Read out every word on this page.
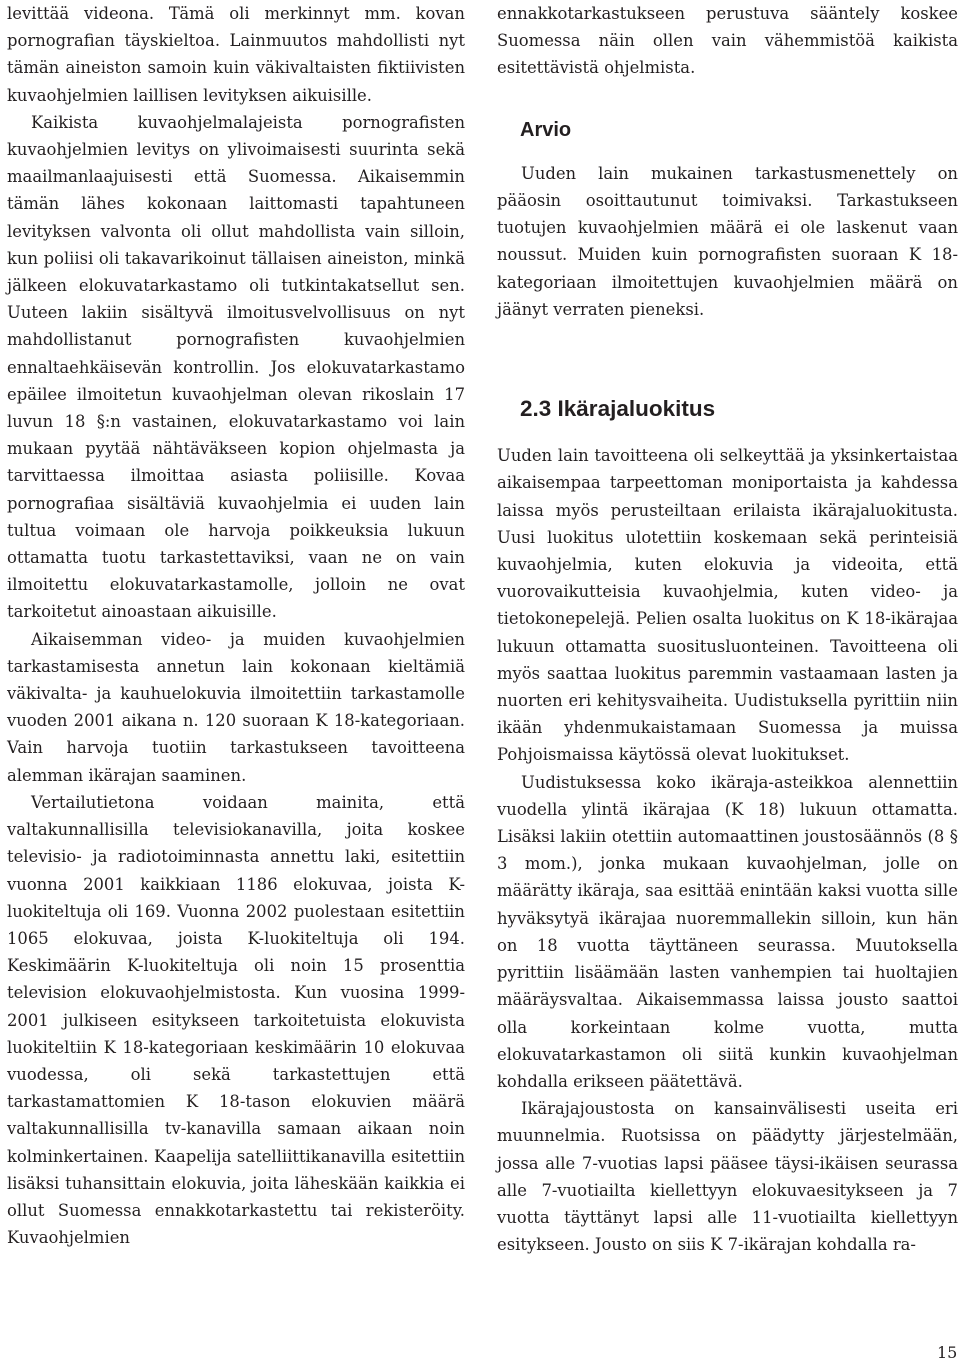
levittää videona. Tämä oli merkinnyt mm. kovan pornografian täyskieltoa. Lainmuutos mahdollisti nyt tämän aineiston samoin kuin väkivaltaisten fiktiivisten kuvaohjelmien laillisen levityksen aikuisille.

Kaikista kuvaohjelmalajeista pornografisten kuvaohjelmien levitys on ylivoimaisesti suurinta sekä maailmanlaajuisesti että Suomessa. Aikaisemmin tämän lähes kokonaan laittomasti tapahtuneen levityksen valvonta oli ollut mahdollista vain silloin, kun poliisi oli takavarikoinut tällaisen aineiston, minkä jälkeen elokuvatarkastamo oli tutkintakatsellut sen. Uuteen lakiin sisältyvä ilmoitusvelvollisuus on nyt mahdollistanut pornografisten kuvaohjelmien ennaltaehkäisevän kontrollin. Jos elokuvatarkastamo epäilee ilmoitetun kuvaohjelman olevan rikoslain 17 luvun 18 §:n vastainen, elokuvatarkastamo voi lain mukaan pyytää nähtäväkseen kopion ohjelmasta ja tarvittaessa ilmoittaa asiasta poliisille. Kovaa pornografiaa sisältäviä kuvaohjelmia ei uuden lain tultua voimaan ole harvoja poikkeuksia lukuun ottamatta tuotu tarkastettaviksi, vaan ne on vain ilmoitettu elokuvatarkastamolle, jolloin ne ovat tarkoitetut ainoastaan aikuisille.

Aikaisemman video- ja muiden kuvaohjelmien tarkastamisesta annetun lain kokonaan kieltämiä väkivalta- ja kauhuelokuvia ilmoitettiin tarkastamolle vuoden 2001 aikana n. 120 suoraan K 18-kategoriaan. Vain harvoja tuotiin tarkastukseen tavoitteena alemman ikärajan saaminen.

Vertailutietona voidaan mainita, että valtakunnallisilla televisiokanavilla, joita koskee televisio- ja radiotoiminnasta annettu laki, esitettiin vuonna 2001 kaikkiaan 1186 elokuvaa, joista K-luokiteltuja oli 169. Vuonna 2002 puolestaan esitettiin 1065 elokuvaa, joista K-luokiteltuja oli 194. Keskimäärin K-luokiteltuja oli noin 15 prosenttia television elokuvaohjelmistosta. Kun vuosina 1999-2001 julkiseen esitykseen tarkoitetuista elokuvista luokiteltiin K 18-kategoriaan keskimäärin 10 elokuvaa vuodessa, oli sekä tarkastettujen että tarkastamattomien K 18-tason elokuvien määrä valtakunnallisilla tv-kanavilla samaan aikaan noin kolminkertainen. Kaapelija satelliittikanavilla esitettiin lisäksi tuhansittain elokuvia, joita läheskään kaikkia ei ollut Suomessa ennakkotarkastettu tai rekisteröity. Kuvaohjelmien

ennakkotarkastukseen perustuva sääntely koskee Suomessa näin ollen vain vähemmistöä kaikista esitettävistä ohjelmista.

Arvio

Uuden lain mukainen tarkastusmenettely on pääosin osoittautunut toimivaksi. Tarkastukseen tuotujen kuvaohjelmien määrä ei ole laskenut vaan noussut. Muiden kuin pornografisten suoraan K 18-kategoriaan ilmoitettujen kuvaohjelmien määrä on jäänyt verraten pieneksi.

2.3 Ikärajaluokitus

Uuden lain tavoitteena oli selkeyttää ja yksinkertaistaa aikaisempaa tarpeettoman moniportaista ja kahdessa laissa myös perusteiltaan erilaista ikärajaluokitusta. Uusi luokitus ulotettiin koskemaan sekä perinteisiä kuvaohjelmia, kuten elokuvia ja videoita, että vuorovaikutteisia kuvaohjelmia, kuten video- ja tietokonepelejä. Pelien osalta luokitus on K 18-ikärajaa lukuun ottamatta suositusluonteinen. Tavoitteena oli myös saattaa luokitus paremmin vastaamaan lasten ja nuorten eri kehitysvaiheita. Uudistuksella pyrittiin niin ikään yhdenmukaistamaan Suomessa ja muissa Pohjoismaissa käytössä olevat luokitukset.

Uudistuksessa koko ikäraja-asteikkoa alennettiin vuodella ylintä ikärajaa (K 18) lukuun ottamatta. Lisäksi lakiin otettiin automaattinen joustosäännös (8 § 3 mom.), jonka mukaan kuvaohjelman, jolle on määrätty ikäraja, saa esittää enintään kaksi vuotta sille hyväksytyä ikärajaa nuoremmallekin silloin, kun hän on 18 vuotta täyttäneen seurassa. Muutoksella pyrittiin lisäämään lasten vanhempien tai huoltajien määräysvaltaa. Aikaisemmassa laissa jousto saattoi olla korkeintaan kolme vuotta, mutta elokuvatarkastamon oli siitä kunkin kuvaohjelman kohdalla erikseen päätettävä.

Ikärajajoustosta on kansainvälisesti useita eri muunnelmia. Ruotsissa on päädytty järjestelmään, jossa alle 7-vuotias lapsi pääsee täysi-ikäisen seurassa alle 7-vuotiailta kiellettyyn elokuvaesitykseen ja 7 vuotta täyttänyt lapsi alle 11-vuotiailta kiellettyyn esitykseen. Jousto on siis K 7-ikärajan kohdalla ra-

15
